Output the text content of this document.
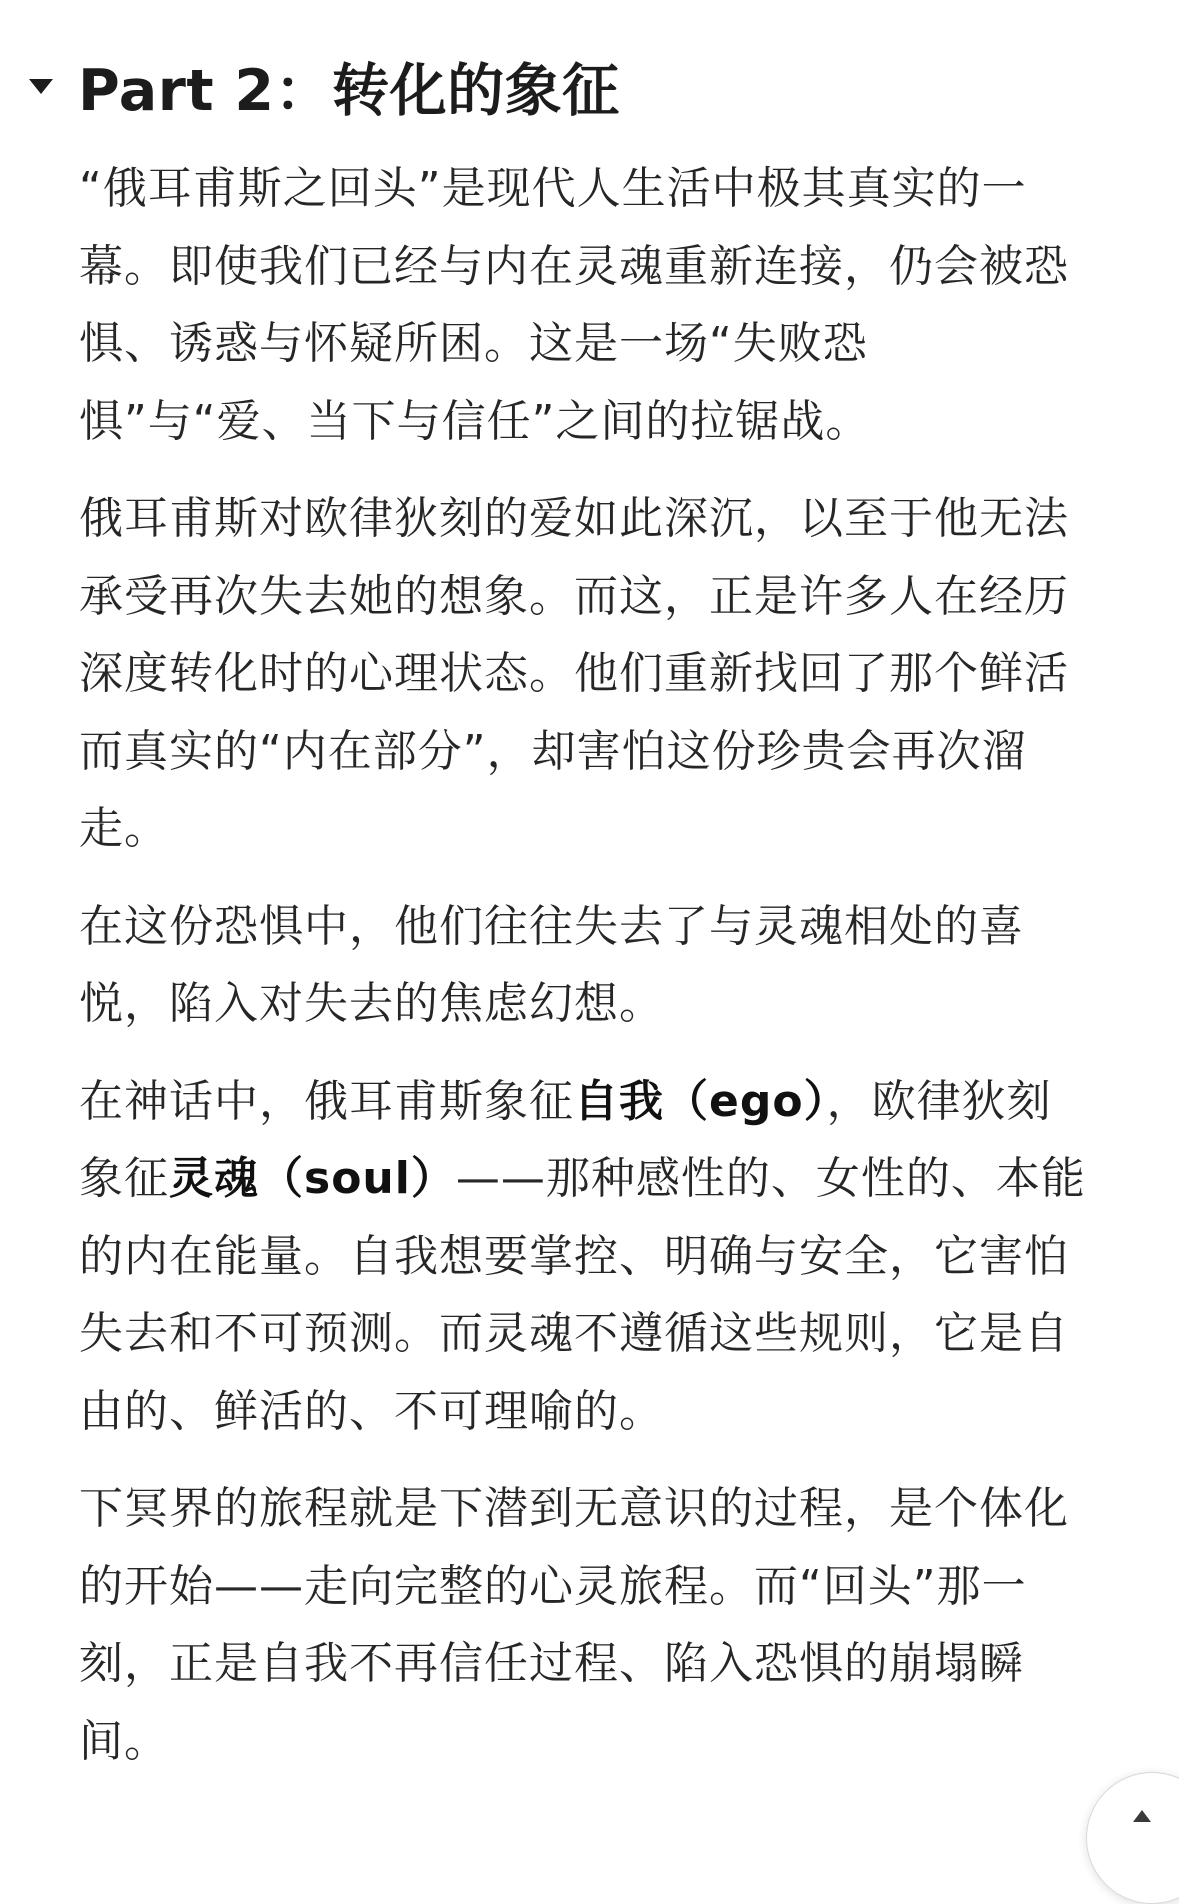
Part 2：转化的象征

“俄耳甫斯之回头”是现代人生活中极其真实的一幕。即使我们已经与内在灵魂重新连接，仍会被恐惧、诱惑与怀疑所困。这是一场“失败恐惧”与“爱、当下与信任”之间的拉锯战。

俄耳甫斯对欧律狄刻的爱如此深沉，以至于他无法承受再次失去她的想象。而这，正是许多人在经历深度转化时的心理状态。他们重新找回了那个鲜活而真实的“内在部分”，却害怕这份珍贵会再次溜走。

在这份恐惧中，他们往往失去了与灵魂相处的喜悦，陷入对失去的焦虑幻想。

在神话中，俄耳甫斯象征自我（ego），欧律狄刻象征灵魂（soul）——那种感性的、女性的、本能的内在能量。自我想要掌控、明确与安全，它害怕失去和不可预测。而灵魂不遵循这些规则，它是自由的、鲜活的、不可理喻的。

下冥界的旅程就是下潜到无意识的过程，是个体化的开始——走向完整的心灵旅程。而“回头”那一刻，正是自我不再信任过程、陷入恐惧的崩塌瞬间。
